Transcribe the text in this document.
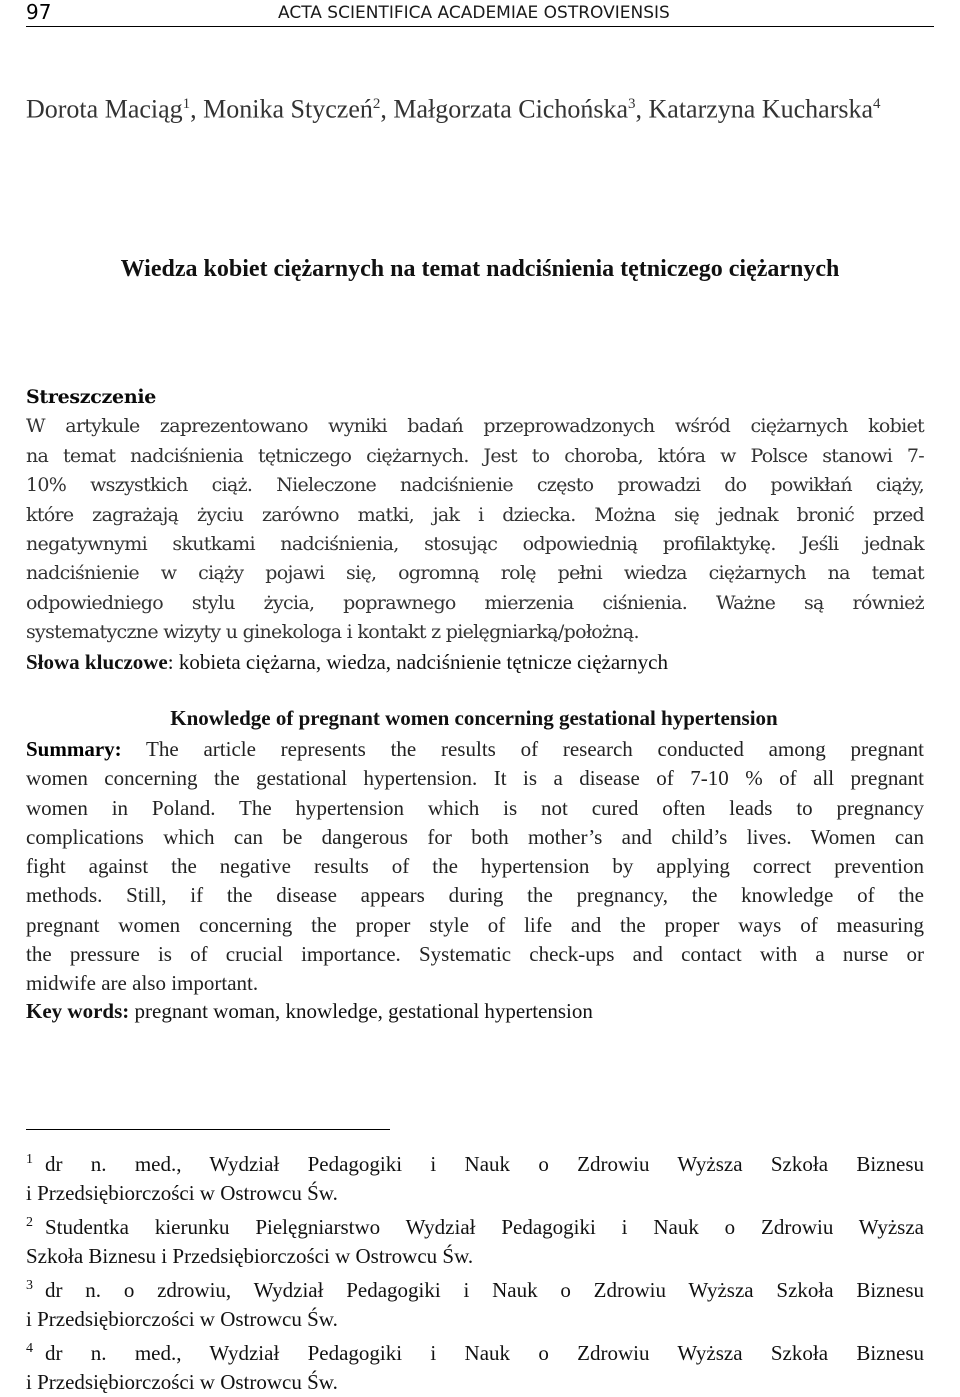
97	ACTA SCIENTIFICA ACADEMIAE OSTROVIENSIS
Dorota Maciąg$^1$, Monika Styczeń$^2$, Małgorzata Cichońska$^3$, Katarzyna Kucharska$^4$
Wiedza kobiet ciężarnych na temat nadciśnienia tętniczego ciężarnych
Streszczenie
W artykule zaprezentowano wyniki badań przeprowadzonych wśród ciężarnych kobiet
na temat nadciśnienia tętniczego ciężarnych. Jest to choroba, która w Polsce stanowi 7-
10% wszystkich ciąż. Nieleczone nadciśnienie często prowadzi do powikłań ciąży,
które zagrażają życiu zarówno matki, jak i dziecka. Można się jednak bronić przed
negatywnymi skutkami nadciśnienia, stosując odpowiednią profilaktykę. Jeśli jednak
nadciśnienie w ciąży pojawi się, ogromną rolę pełni wiedza ciężarnych na temat
odpowiedniego stylu życia, poprawnego mierzenia ciśnienia. Ważne są również
systematyczne wizyty u ginekologa i kontakt z pielęgniarką/położną.
Słowa kluczowe: kobieta ciężarna, wiedza, nadciśnienie tętnicze ciężarnych
Knowledge of pregnant women concerning gestational hypertension
Summary: The article represents the results of research conducted among pregnant
women concerning the gestational hypertension. It is a disease of 7-10 % of all pregnant
women in Poland. The hypertension which is not cured often leads to pregnancy
complications which can be dangerous for both mother’s and child’s lives. Women can
fight against the negative results of the hypertension by applying correct prevention
methods. Still, if the disease appears during the pregnancy, the knowledge of the
pregnant women concerning the proper style of life and the proper ways of measuring
the pressure is of crucial importance. Systematic check-ups and contact with a nurse or
midwife are also important.
Key words: pregnant woman, knowledge, gestational hypertension
$^1$ dr n. med., Wydział Pedagogiki i Nauk o Zdrowiu Wyższa Szkoła Biznesu
i Przedsiębiorczości w Ostrowcu Św.
$^2$ Studentka kierunku Pielęgniarstwo Wydział Pedagogiki i Nauk o Zdrowiu Wyższa
Szkoła Biznesu i Przedsiębiorczości w Ostrowcu Św.
$^3$ dr n. o zdrowiu, Wydział Pedagogiki i Nauk o Zdrowiu Wyższa Szkoła Biznesu
i Przedsiębiorczości w Ostrowcu Św.
$^4$ dr n. med., Wydział Pedagogiki i Nauk o Zdrowiu Wyższa Szkoła Biznesu
i Przedsiębiorczości w Ostrowcu Św.
